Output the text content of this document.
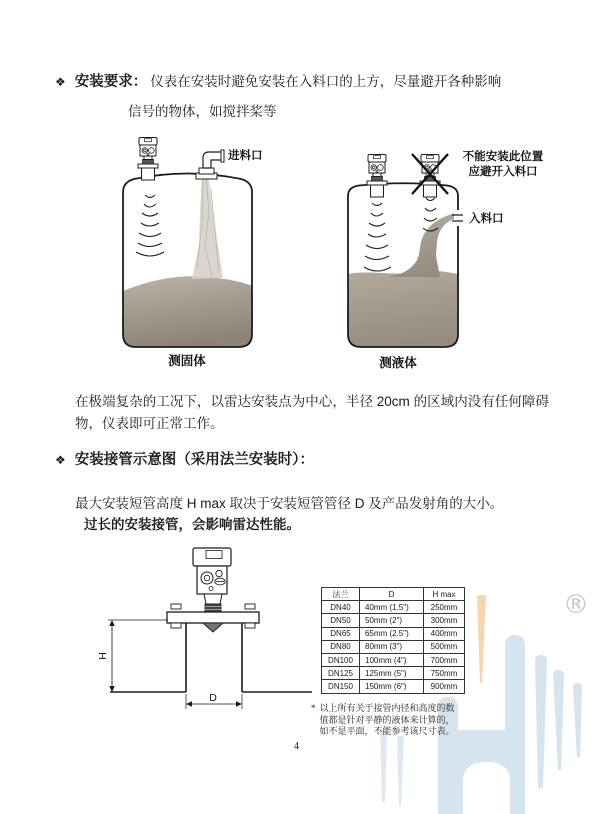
®
❖ 安装要求： 仪表在安装时避免安装在入料口的上方，尽量避开各种影响
信号的物体，如搅拌桨等
进料口
测固体
不能安装此位置
应避开入料口
入料口
测液体
在极端复杂的工况下，以雷达安装点为中心，半径 20cm 的区域内没有任何障碍物，仪表即可正常工作。
❖ 安装接管示意图（采用法兰安装时）：
最大安装短管高度 H max 取决于安装短管管径 D 及产品发射角的大小。
过长的安装接管，会影响雷达性能。
H
D
法兰	D	H max
DN40	40mm (1.5")	250mm
DN50	50mm (2")	300mm
DN65	65mm (2.5")	400mm
DN80	80mm (3")	500mm
DN100	100mm (4")	700mm
DN125	125mm (5")	750mm
DN150	150mm (6")	900mm
* 以上所有关于接管内径和高度的数值都是针对平静的液体来计算的，如不是平面，不能参考该尺寸表。
4
